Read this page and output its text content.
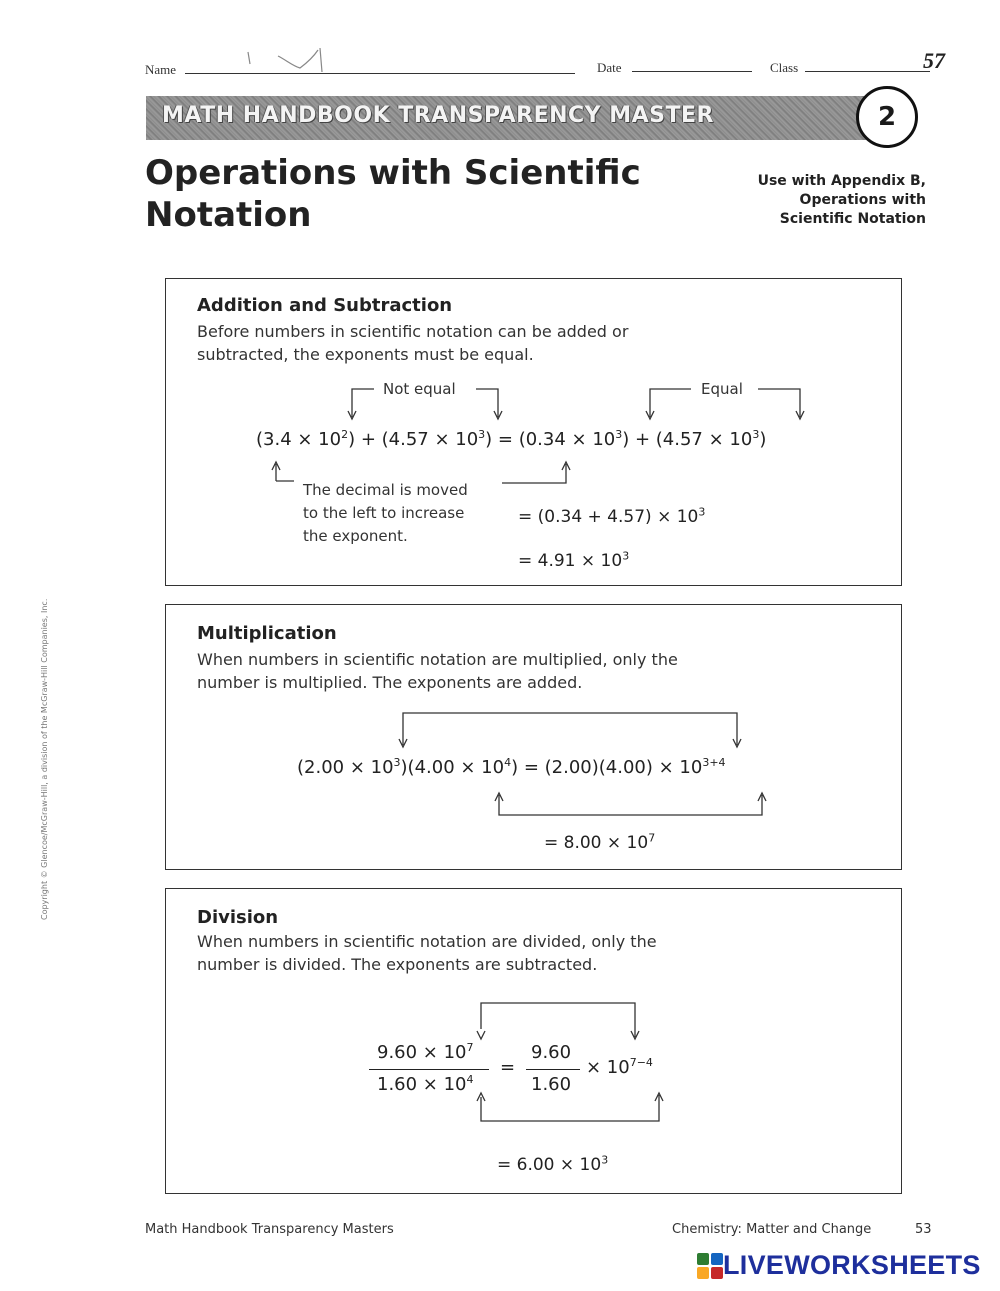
Name	Date	Class	57
MATH HANDBOOK TRANSPARENCY MASTER	2
Operations with Scientific
Notation
Use with Appendix B,
Operations with
Scientific Notation
Addition and Subtraction
Before numbers in scientific notation can be added or
subtracted, the exponents must be equal.
Not equal	Equal
$(3.4 \times 10^2) + (4.57 \times 10^3) = (0.34 \times 10^3) + (4.57 \times 10^3)$
The decimal is moved
to the left to increase
the exponent.
= $(0.34 + 4.57) \times 10^3$
= $4.91 \times 10^3$
Multiplication
When numbers in scientific notation are multiplied, only the
number is multiplied. The exponents are added.
$(2.00 \times 10^3)(4.00 \times 10^4) = (2.00)(4.00) \times 10^{3+4}$
= $8.00 \times 10^7$
Division
When numbers in scientific notation are divided, only the
number is divided. The exponents are subtracted.
$9.60 \times 10^7$
$1.60 \times 10^4$
=
9.60
1.60
× $10^{7-4}$
= $6.00 \times 10^3$
Copyright © Glencoe/McGraw-Hill, a division of the McGraw-Hill Companies, Inc.
Math Handbook Transparency Masters	Chemistry: Matter and Change	53
LIVEWORKSHEETS
